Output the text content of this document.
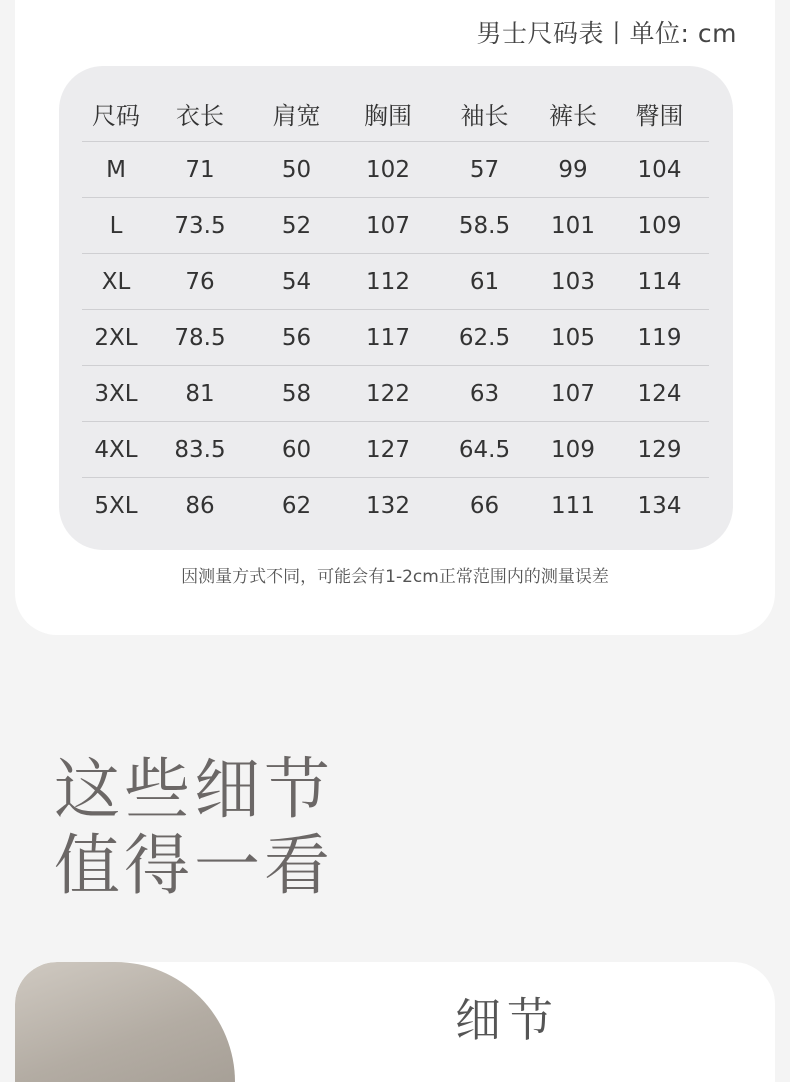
男士尺码表丨单位: cm
尺码	衣长	肩宽	胸围	袖长	裤长	臀围
M	71	50	102	57	99	104
L	73.5	52	107	58.5	101	109
XL	76	54	112	61	103	114
2XL	78.5	56	117	62.5	105	119
3XL	81	58	122	63	107	124
4XL	83.5	60	127	64.5	109	129
5XL	86	62	132	66	111	134
因测量方式不同，可能会有1-2cm正常范围内的测量误差
这些细节
值得一看
细节
